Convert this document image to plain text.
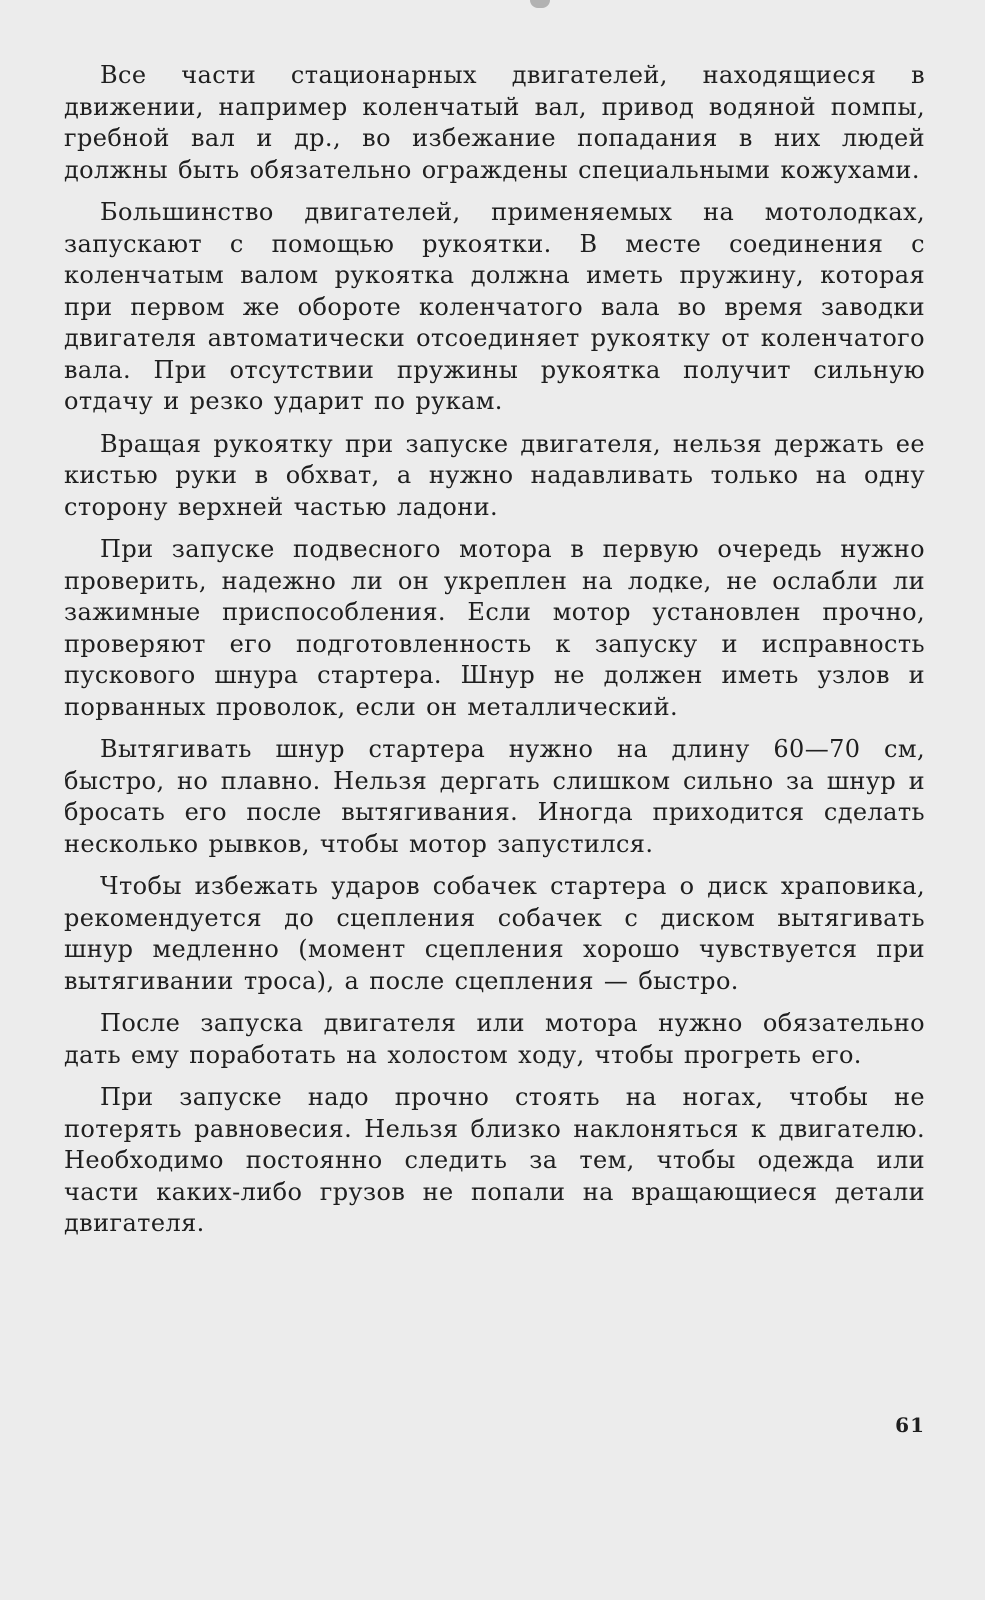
Все части стационарных двигателей, находящиеся в движении, например коленчатый вал, привод водяной помпы, гребной вал и др., во избежание попадания в них людей должны быть обязательно ограждены специальными кожухами.

Большинство двигателей, применяемых на мотолодках, запускают с помощью рукоятки. В месте соединения с коленчатым валом рукоятка должна иметь пружину, которая при первом же обороте коленчатого вала во время заводки двигателя автоматически отсоединяет рукоятку от коленчатого вала. При отсутствии пружины рукоятка получит сильную отдачу и резко ударит по рукам.

Вращая рукоятку при запуске двигателя, нельзя держать ее кистью руки в обхват, а нужно надавливать только на одну сторону верхней частью ладони.

При запуске подвесного мотора в первую очередь нужно проверить, надежно ли он укреплен на лодке, не ослабли ли зажимные приспособления. Если мотор установлен прочно, проверяют его подготовленность к запуску и исправность пускового шнура стартера. Шнур не должен иметь узлов и порванных проволок, если он металлический.

Вытягивать шнур стартера нужно на длину 60—70 см, быстро, но плавно. Нельзя дергать слишком сильно за шнур и бросать его после вытягивания. Иногда приходится сделать несколько рывков, чтобы мотор запустился.

Чтобы избежать ударов собачек стартера о диск храповика, рекомендуется до сцепления собачек с диском вытягивать шнур медленно (момент сцепления хорошо чувствуется при вытягивании троса), а после сцепления — быстро.

После запуска двигателя или мотора нужно обязательно дать ему поработать на холостом ходу, чтобы прогреть его.

При запуске надо прочно стоять на ногах, чтобы не потерять равновесия. Нельзя близко наклоняться к двигателю. Необходимо постоянно следить за тем, чтобы одежда или части каких-либо грузов не попали на вращающиеся детали двигателя.

61
